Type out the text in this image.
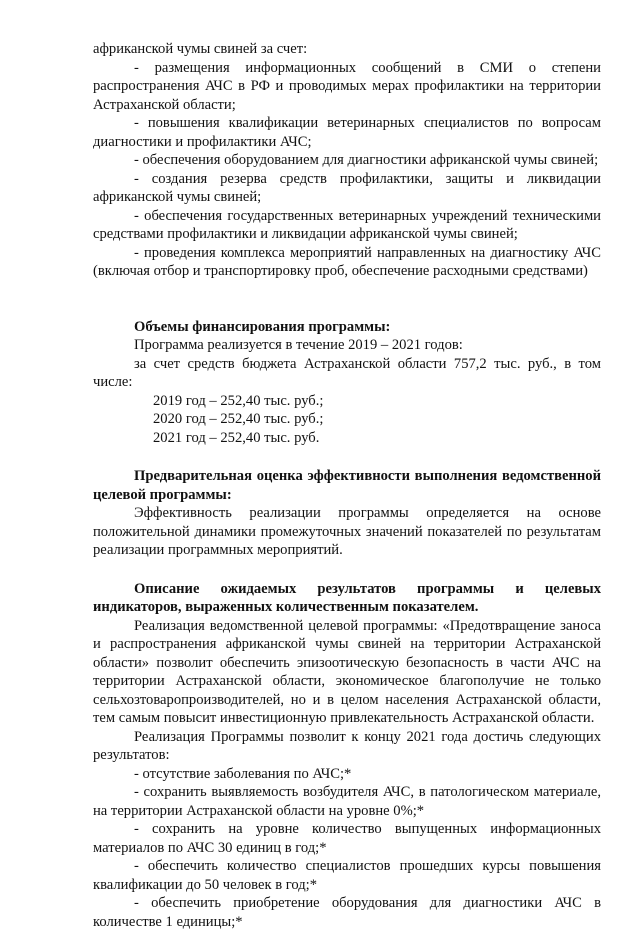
африканской чумы свиней за счет:

- размещения информационных сообщений в СМИ о степени распространения АЧС в РФ и проводимых мерах профилактики на территории Астраханской области;

- повышения квалификации ветеринарных специалистов по вопросам диагностики и профилактики АЧС;

- обеспечения оборудованием для диагностики африканской чумы свиней;

- создания резерва средств профилактики, защиты и ликвидации африканской чумы свиней;

- обеспечения государственных ветеринарных учреждений техническими средствами профилактики и ликвидации африканской чумы свиней;

- проведения комплекса мероприятий направленных на диагностику АЧС (включая отбор и транспортировку проб, обеспечение расходными средствами)

Объемы финансирования программы:

Программа реализуется в течение 2019 – 2021 годов:

за счет средств бюджета Астраханской области 757,2 тыс. руб., в том числе:

2019 год – 252,40 тыс. руб.;

2020 год – 252,40 тыс. руб.;

2021 год – 252,40 тыс. руб.

Предварительная оценка эффективности выполнения ведомственной целевой программы:

Эффективность реализации программы определяется на основе положительной динамики промежуточных значений показателей по результатам реализации программных мероприятий.

Описание ожидаемых результатов программы и целевых индикаторов, выраженных количественным показателем.

Реализация ведомственной целевой программы: «Предотвращение заноса и распространения африканской чумы свиней на территории Астраханской области» позволит обеспечить эпизоотическую безопасность в части АЧС на территории Астраханской области, экономическое благополучие не только сельхозтоваропроизводителей, но и в целом населения Астраханской области, тем самым повысит инвестиционную привлекательность Астраханской области.

Реализация Программы позволит к концу 2021 года достичь следующих результатов:

- отсутствие заболевания по АЧС;*

- сохранить выявляемость возбудителя АЧС, в патологическом материале, на территории Астраханской области на уровне 0%;*

- сохранить на уровне количество выпущенных информационных материалов по АЧС 30 единиц в год;*

- обеспечить количество специалистов прошедших курсы повышения квалификации до 50 человек в год;*

- обеспечить приобретение оборудования для диагностики АЧС в количестве 1 единицы;*
